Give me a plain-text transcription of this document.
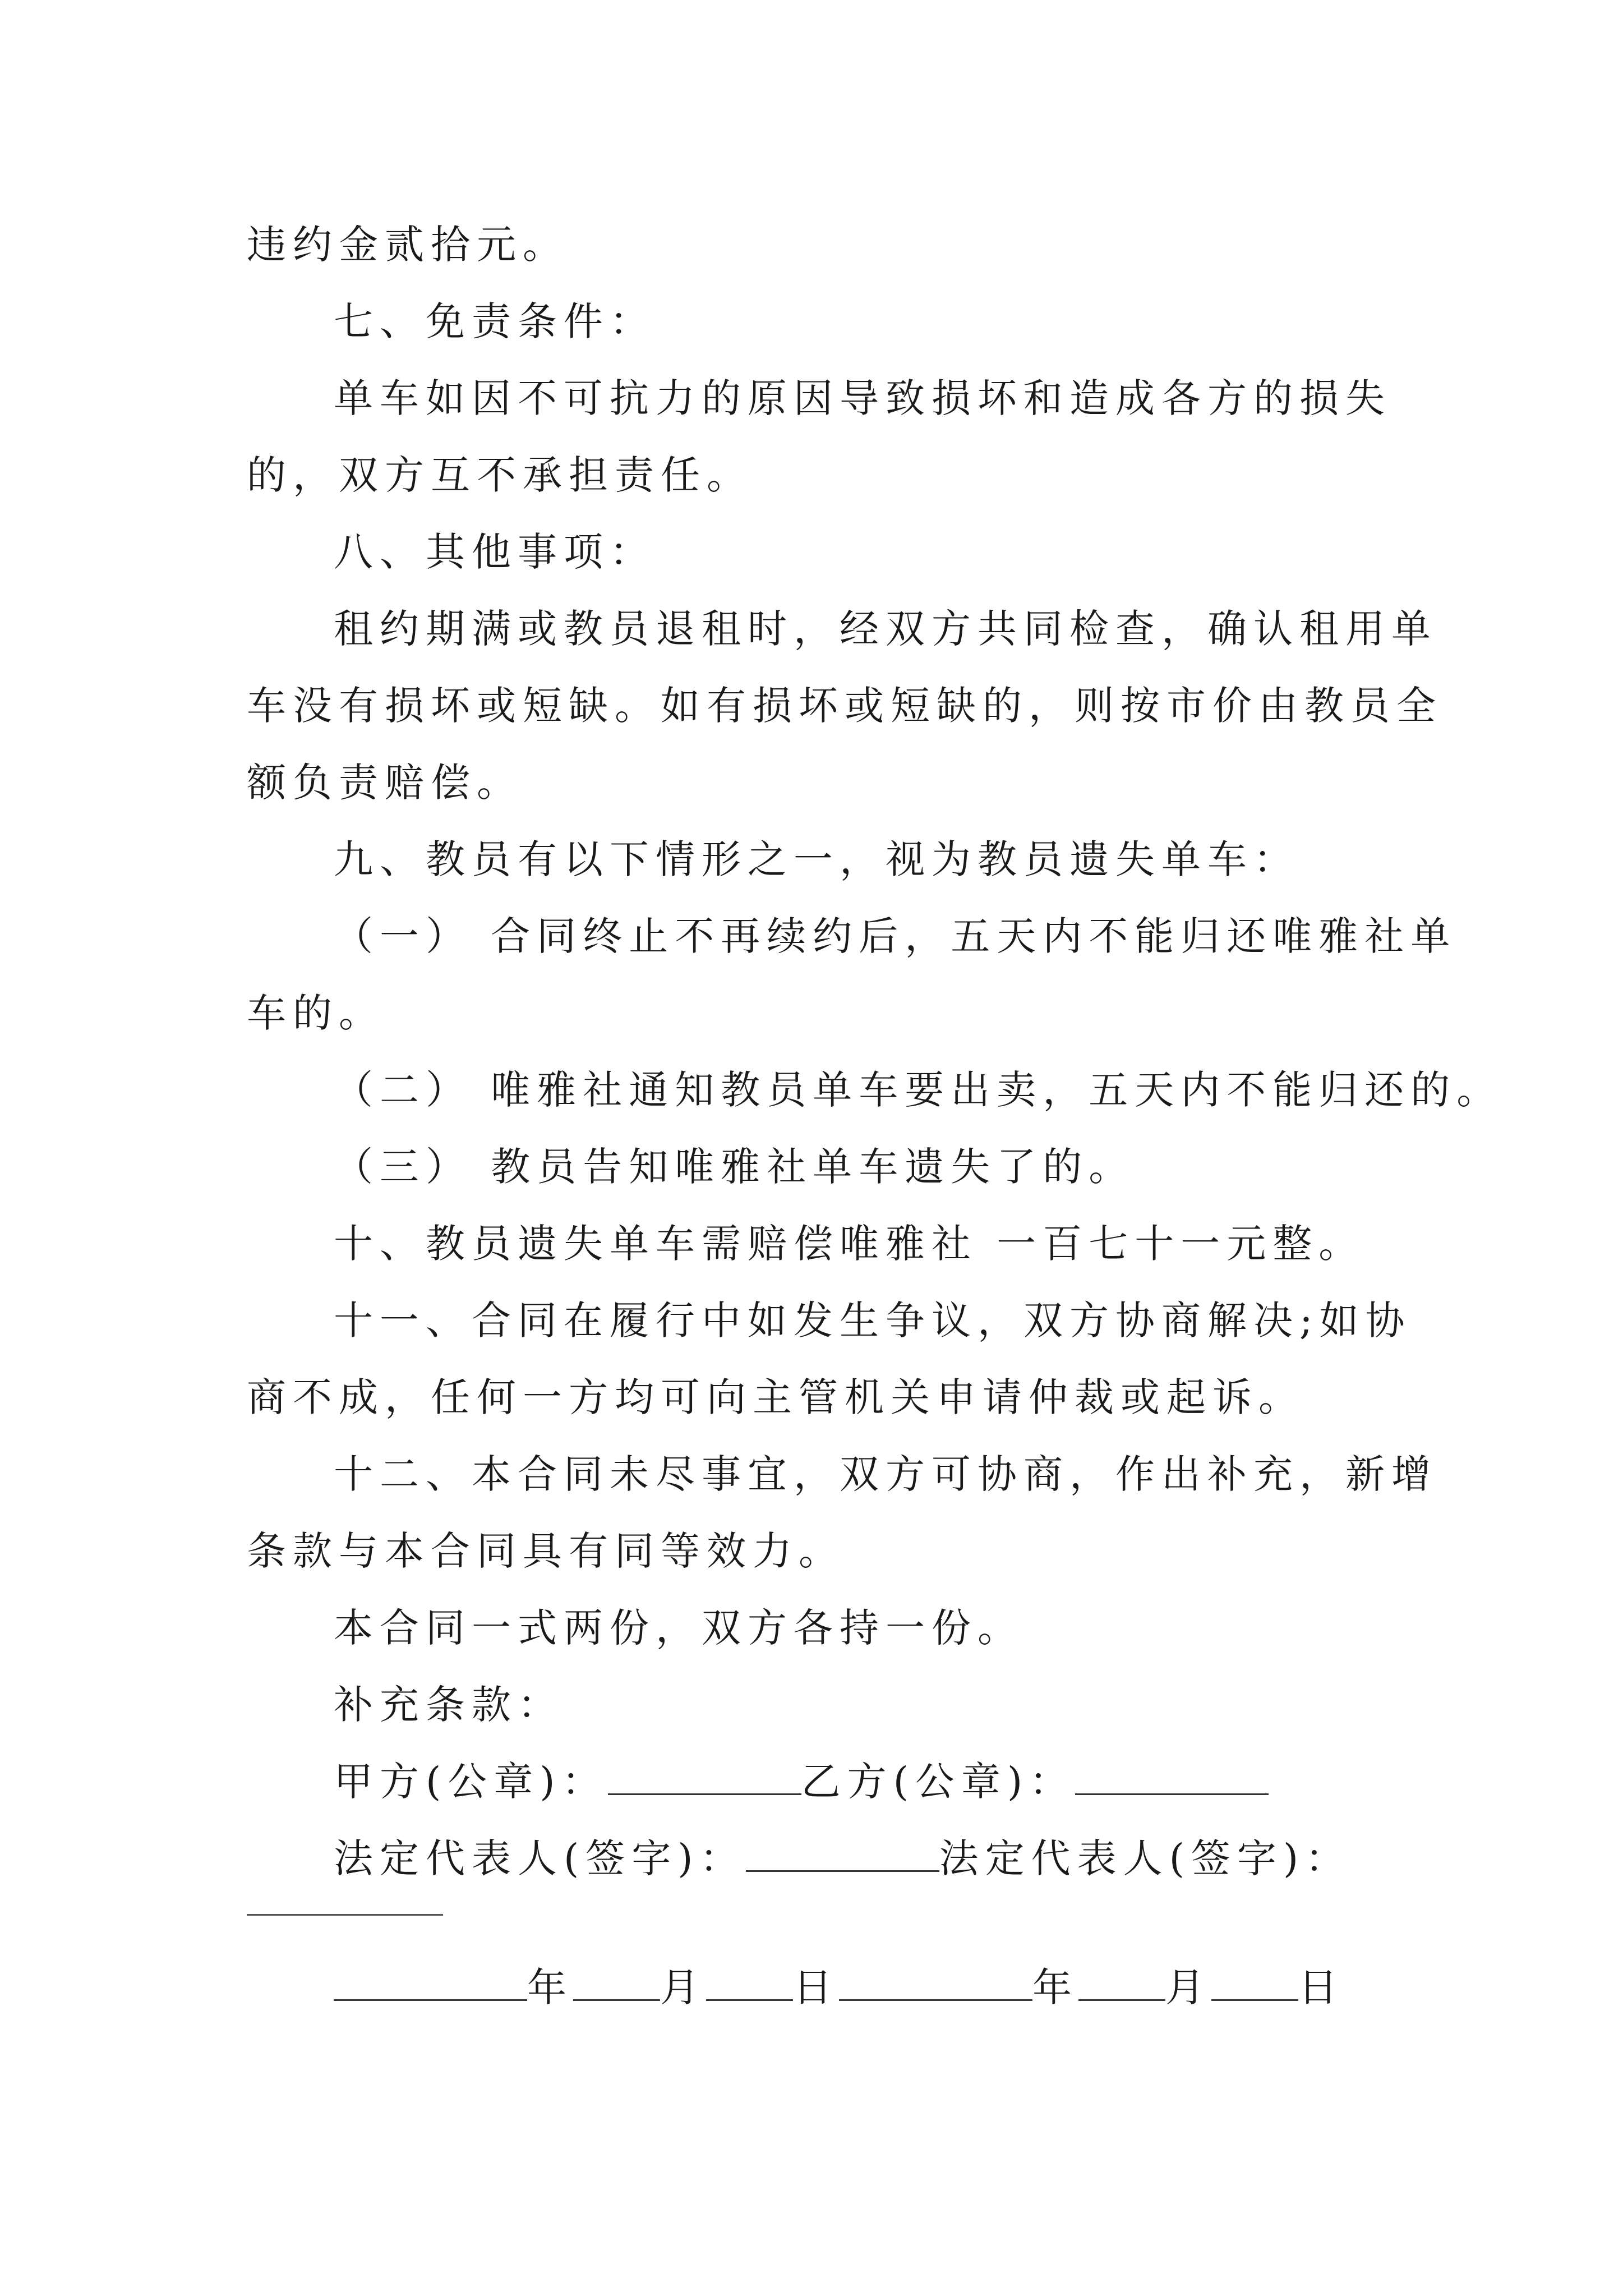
违约金贰拾元。
七、免责条件：
单车如因不可抗力的原因导致损坏和造成各方的损失
的，双方互不承担责任。
八、其他事项：
租约期满或教员退租时，经双方共同检查，确认租用单
车没有损坏或短缺。如有损坏或短缺的，则按市价由教员全
额负责赔偿。
九、教员有以下情形之一，视为教员遗失单车：
（一） 合同终止不再续约后，五天内不能归还唯雅社单
车的。
（二） 唯雅社通知教员单车要出卖，五天内不能归还的。
（三） 教员告知唯雅社单车遗失了的。
十、教员遗失单车需赔偿唯雅社 一百七十一元整。
十一、合同在履行中如发生争议，双方协商解决;如协
商不成，任何一方均可向主管机关申请仲裁或起诉。
十二、本合同未尽事宜，双方可协商，作出补充，新增
条款与本合同具有同等效力。
本合同一式两份，双方各持一份。
补充条款：
甲方(公章)：	乙方(公章)：
法定代表人(签字)：	法定代表人(签字)：
年 月 日	年 月 日
